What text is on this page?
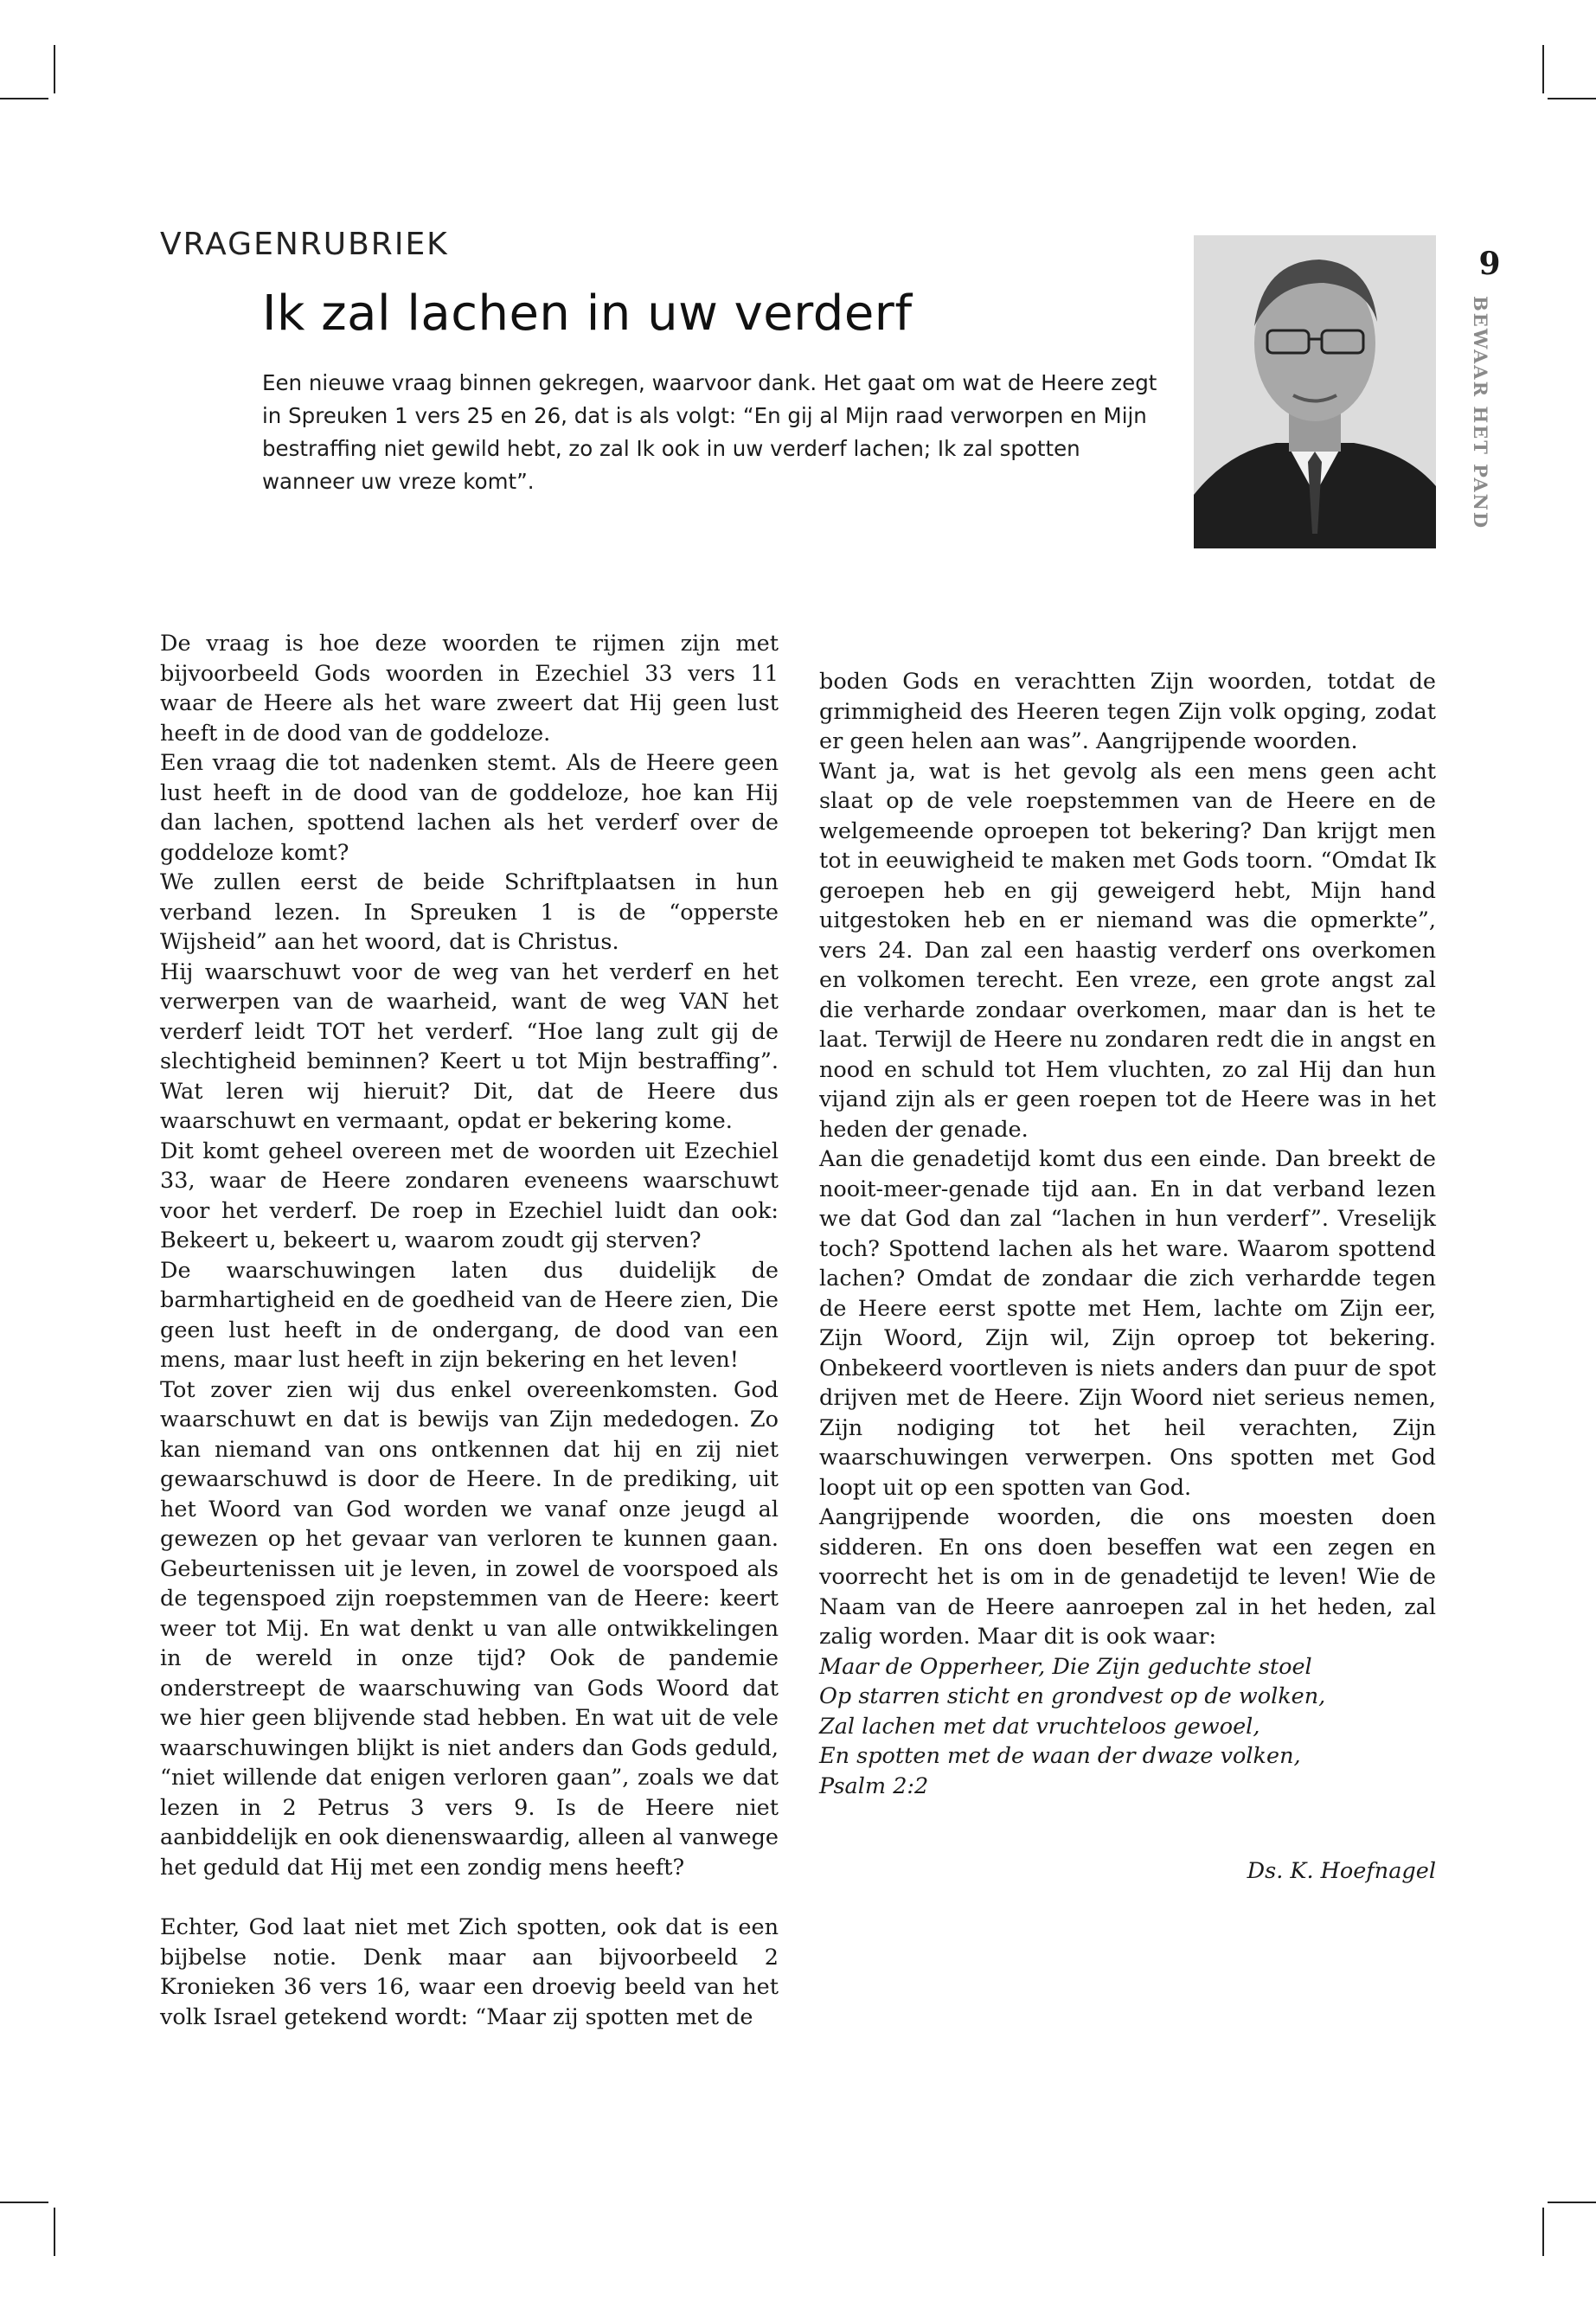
VRAGENRUBRIEK
Ik zal lachen in uw verderf

Een nieuwe vraag binnen gekregen, waarvoor dank. Het gaat om wat de Heere zegt in Spreuken 1 vers 25 en 26, dat is als volgt: “En gij al Mijn raad verworpen en Mijn bestraffing niet gewild hebt, zo zal Ik ook in uw verderf lachen; Ik zal spotten wanneer uw vreze komt”.

9
BEWAAR HET PAND

De vraag is hoe deze woorden te rijmen zijn met bijvoorbeeld Gods woorden in Ezechiel 33 vers 11 waar de Heere als het ware zweert dat Hij geen lust heeft in de dood van de goddeloze.

Een vraag die tot nadenken stemt. Als de Heere geen lust heeft in de dood van de goddeloze, hoe kan Hij dan lachen, spottend lachen als het verderf over de goddeloze komt?

We zullen eerst de beide Schriftplaatsen in hun verband lezen. In Spreuken 1 is de “opperste Wijsheid” aan het woord, dat is Christus.

Hij waarschuwt voor de weg van het verderf en het verwerpen van de waarheid, want de weg VAN het verderf leidt TOT het verderf. “Hoe lang zult gij de slechtigheid beminnen? Keert u tot Mijn bestraffing”. Wat leren wij hieruit? Dit, dat de Heere dus waarschuwt en vermaant, opdat er bekering kome.

Dit komt geheel overeen met de woorden uit Ezechiel 33, waar de Heere zondaren eveneens waarschuwt voor het verderf. De roep in Ezechiel luidt dan ook: Bekeert u, bekeert u, waarom zoudt gij sterven?

De waarschuwingen laten dus duidelijk de barmhartigheid en de goedheid van de Heere zien, Die geen lust heeft in de ondergang, de dood van een mens, maar lust heeft in zijn bekering en het leven!

Tot zover zien wij dus enkel overeenkomsten. God waarschuwt en dat is bewijs van Zijn mededogen. Zo kan niemand van ons ontkennen dat hij en zij niet gewaarschuwd is door de Heere. In de prediking, uit het Woord van God worden we vanaf onze jeugd al gewezen op het gevaar van verloren te kunnen gaan. Gebeurtenissen uit je leven, in zowel de voorspoed als de tegenspoed zijn roepstemmen van de Heere: keert weer tot Mij. En wat denkt u van alle ontwikkelingen in de wereld in onze tijd? Ook de pandemie onderstreept de waarschuwing van Gods Woord dat we hier geen blijvende stad hebben. En wat uit de vele waarschuwingen blijkt is niet anders dan Gods geduld, “niet willende dat enigen verloren gaan”, zoals we dat lezen in 2 Petrus 3 vers 9. Is de Heere niet aanbiddelijk en ook dienenswaardig, alleen al vanwege het geduld dat Hij met een zondig mens heeft?

Echter, God laat niet met Zich spotten, ook dat is een bijbelse notie. Denk maar aan bijvoorbeeld 2 Kronieken 36 vers 16, waar een droevig beeld van het volk Israel getekend wordt: “Maar zij spotten met de

boden Gods en verachtten Zijn woorden, totdat de grimmigheid des Heeren tegen Zijn volk opging, zodat er geen helen aan was”. Aangrijpende woorden.

Want ja, wat is het gevolg als een mens geen acht slaat op de vele roepstemmen van de Heere en de welgemeende oproepen tot bekering? Dan krijgt men tot in eeuwigheid te maken met Gods toorn. “Omdat Ik geroepen heb en gij geweigerd hebt, Mijn hand uitgestoken heb en er niemand was die opmerkte”, vers 24. Dan zal een haastig verderf ons overkomen en volkomen terecht. Een vreze, een grote angst zal die verharde zondaar overkomen, maar dan is het te laat. Terwijl de Heere nu zondaren redt die in angst en nood en schuld tot Hem vluchten, zo zal Hij dan hun vijand zijn als er geen roepen tot de Heere was in het heden der genade.

Aan die genadetijd komt dus een einde. Dan breekt de nooit-meer-genade tijd aan. En in dat verband lezen we dat God dan zal “lachen in hun verderf”. Vreselijk toch? Spottend lachen als het ware. Waarom spottend lachen? Omdat de zondaar die zich verhardde tegen de Heere eerst spotte met Hem, lachte om Zijn eer, Zijn Woord, Zijn wil, Zijn oproep tot bekering. Onbekeerd voortleven is niets anders dan puur de spot drijven met de Heere. Zijn Woord niet serieus nemen, Zijn nodiging tot het heil verachten, Zijn waarschuwingen verwerpen. Ons spotten met God loopt uit op een spotten van God.

Aangrijpende woorden, die ons moesten doen sidderen. En ons doen beseffen wat een zegen en voorrecht het is om in de genadetijd te leven! Wie de Naam van de Heere aanroepen zal in het heden, zal zalig worden. Maar dit is ook waar:

Maar de Opperheer, Die Zijn geduchte stoel
Op starren sticht en grondvest op de wolken,
Zal lachen met dat vruchteloos gewoel,
En spotten met de waan der dwaze volken,
Psalm 2:2
Ds. K. Hoefnagel
